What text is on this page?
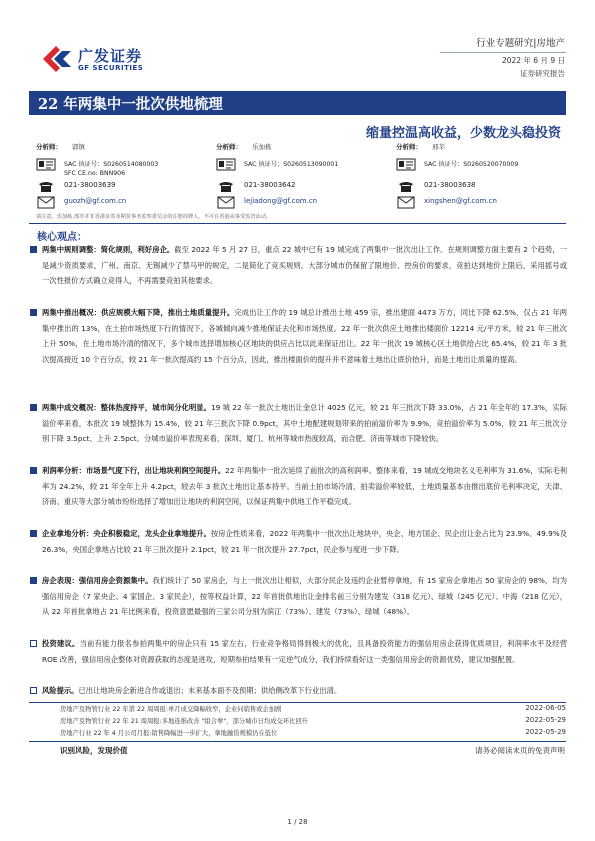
广发证券
GF SECURITIES
行业专题研究|房地产
2022 年 6 月 9 日
证券研究报告
22 年两集中一批次供地梳理
缩量控温高收益，少数龙头稳投资
分析师： 郭镇
SAC 执证号：S0260514080003
SFC CE.no: BNN906
021-38003639
guozh@gf.com.cn
分析师： 乐加栋
SAC 执证号：S0260513090001
021-38003642
lejiadong@gf.com.cn
分析师： 邢莘
SAC 执证号：S0260520070009
021-38003638
xingshen@gf.com.cn
请注意，乐加栋,邢莘并非香港证券及期货事务监察委员会的注册持牌人，不可在香港从事受监管活动。
核心观点：
两集中规则调整：简化规则，利好房企。截至 2022 年 5 月 27 日，重点 22 城中已有 19 城完成了两集中一批次出让工作。在规则调整方面主要有 2 个趋势，一是减少资质要求，广州、南京、无锡减少了禁马甲的规定，二是简化了竞买规则，大部分城市仍保留了限地价、控房价的要求，竞拍达到地价上限后，采用摇号或一次性报价方式确立竞得人，不再需要竞拍其他要求。
两集中推出概况：供应规模大幅下降，推出土地质量提升。完成出让工作的 19 城总计推出土地 459 宗，推出建面 4473 万方，同比下降 62.5%，仅占 21 年两集中推出的 13%，在土拍市场热度下行的情况下，各城倾向减少推地保证去化和市场热度。22 年一批次供应土地推出楼面价 12214 元/平方米，较 21 年三批次上升 50%，在土地市场冷清的情况下，多个城市选择增加核心区地块的供应占比以此来保证出让。22 年一批次 19 城核心区土地供给占比 65.4%，较 21 年 3 批次提高接近 10 个百分点，较 21 年一批次提高约 15 个百分点，因此，推出楼面价的提升并不意味着土地出让底价抬升，而是土地出让质量的提高。
两集中成交概况：整体热度持平，城市间分化明显。19 城 22 年一批次土地出让金总计 4025 亿元，较 21 年三批次下降 33.0%，占 21 年全年的 17.3%，实际溢价率来看，本批次 19 城整体为 15.4%，较 21 年三批次下降 0.9pct，其中土地配建规划带来的拍前溢价率为 9.9%，竞拍溢价率为 5.0%，较 21 年三批次分别下降 3.5pct、上升 2.5pct。分城市溢价率表现来看，深圳、厦门、杭州等城市热度较高，而合肥、济南等城市下降较快。
利润率分析：市场景气度下行，出让地块利润空间提升。22 年两集中一批次延续了前批次的高利润率。整体来看，19 城成交地块名义毛利率为 31.6%，实际毛利率为 24.2%，较 21 年全年上升 4.2pct，较去年 3 批次土地出让基本持平。当前土拍市场冷清，拍卖溢价率较低，土地质量基本由推出底价毛利率决定，天津、济南、重庆等大部分城市纷纷选择了增加出让地块的利润空间，以保证两集中供地工作平稳完成。
企业拿地分析：央企积极稳定，龙头企业拿地提升。按房企性质来看，2022 年两集中一批次出让地块中，央企、地方国企、民企出让金占比为 23.9%、49.9%及 26.3%，央国企拿地占比较 21 年三批次提升 2.1pct，较 21 年一批次提升 27.7pct，民企参与度进一步下降。
房企表现：强信用房企资源集中。我们统计了 50 家房企，与上一批次出让相似，大部分民企及违约企业暂停拿地，有 15 家房企拿地占 50 家房企的 98%，均为强信用房企（7 家央企、4 家国企、3 家民企），按等权益计算，22 年首批供地出让金排名前三分别为建发（318 亿元）、绿城（245 亿元）、中海（218 亿元），从 22 年首批拿地占 21 年比例来看，投资意愿最强的三家公司分别为滨江（73%）、建发（73%）、绿城（48%）。
投资建议。当前有能力报名参拍两集中的房企只有 15 家左右，行业竞争格局得到极大的优化，且具备投资能力的强信用房企获得优质项目，利润率水平及经营 ROE 改善，强信用房企整体对资源获取的态度是进攻，短期参拍结果有一定逆气成分，我们持续看好这一类强信用房企的资源优势，建议加强配置。
风险提示。已出让地块房企新进合作或退出；未来基本面不及预期；供给侧改革下行业出清。
房地产及物管行业 22 年第 22 周周报:单月成交降幅收窄，企业问销售或企加剧	2022-06-05
房地产及物管行业 22 年 21 周周报:多地连推改善 "组合拳"，部分城市日均成交环比回升	2022-05-29
房地产行业 22 年 4 月公司月报:销售降幅进一步扩大，拿地融资规模仍在低位	2022-05-29
识别风险，发现价值	请务必阅读末页的免责声明
1 / 28
